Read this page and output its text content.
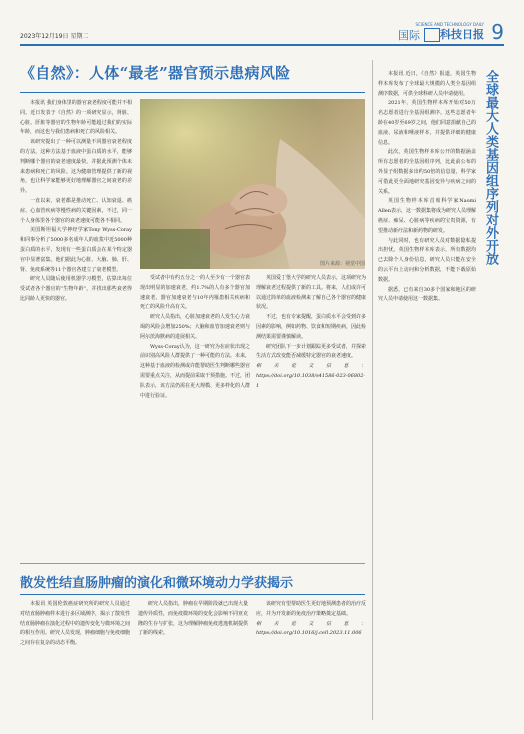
2023年12月19日 星期二	国际
SCIENCE AND TECHNOLOGY DAILY
科技日报 9
《自然》：人体“最老”器官预示患病风险

本报讯 我们身体里的器官衰老程度可能并不相同。近日发表于《自然》的一项研究显示，肾脏、心脏、肝脏等器官的生物年龄可能超过我们的实际年龄，而这也与我们患病和死亡的风险相关。

该研究提出了一种可以测量不同器官衰老程度的方法，这种方法基于血液中蛋白质的水平，能够判断哪个器官的衰老速度最快，并据此预测个体未来患病和死亡的风险。这为健康管理提供了新的视角，也让科学家能够更好地理解器官之间衰老的差异。

一直以来，衰老都是推动死亡、认知衰退、癌症、心血管疾病等慢性病的关键因素。不过，同一个人身体里各个器官的衰老速度可能各不相同。

美国斯坦福大学神经学家Tony Wyss-Coray和同事分析了5000多名成年人的血浆中近5000种蛋白质的水平，发现有一些蛋白质会在某个特定器官中显著富集。他们据此为心脏、大脑、肺、肝、肾、免疫系统等11个器官各建立了衰老模型。

研究人员随后使用机器学习模型，估算出每位受试者各个器官的“生物年龄”，并找出那些衰老得比同龄人更快的器官。

图片来源：视觉中国

受试者中有约五分之一的人至少有一个器官表现出明显的加速衰老，约1.7%的人有多个器官加速衰老。器官加速衰老与10年内罹患相关疾病和死亡的风险升高有关。

研究人员指出，心脏加速衰老的人发生心力衰竭的风险会增加250%；大脑和血管加速衰老则与阿尔茨海默病的进展相关。

Wyss-Coray认为，这一研究为在症状出现之前识别高风险人群提供了一种可能的方法。未来，这种基于血液的检测或许能帮助医生判断哪些器官需要重点关注，从而提前采取干预措施。不过，团队表示，该方法仍需在更大规模、更多样化的人群中进行验证。

英国爱丁堡大学的研究人员表示，这项研究为理解衰老过程提供了新的工具。将来，人们或许可以通过简单的血液检测来了解自己各个器官的健康状况。

不过，也有专家提醒，蛋白质水平会受到许多因素的影响，例如药物、饮食和短期疾病，因此检测结果需要谨慎解读。

研究团队下一步计划跟踪更多受试者，并探索生活方式改变能否减缓特定器官的衰老速度。

相关论文信息：https://doi.org/10.1038/s41586-023-06802-1

本报讯 近日，《自然》报道，英国生物样本库发布了全球最大规模的人类全基因组测序数据，可供全球科研人员申请使用。

2021年，英国生物样本库开始对50万名志愿者进行全基因组测序。这些志愿者年龄在40岁至69岁之间，他们同意捐献自己的血液、尿液和唾液样本，并提供详细的健康信息。

此次，英国生物样本库公开的数据涵盖所有志愿者的全基因组序列，比此前公布的外显子组数据多出约50倍的信息量，科学家可借此更全面地研究基因变异与疾病之间的关系。

英国生物样本库首席科学家Naomi Allen表示，这一数据集将成为研究人员理解癌症、痴呆、心脏病等疾病的宝贵资源，有望推动新疗法和新药物的研发。

与此同时，也有研究人员对数据隐私提出担忧。英国生物样本库表示，所有数据均已去除个人身份信息，研究人员只能在安全的云平台上访问和分析数据，不能下载原始数据。

据悉，已有来自30多个国家和地区的研究人员申请使用这一数据集。

全球最大人类基因组序列对外开放
散发性结直肠肿瘤的演化和微环境动力学获揭示

本报讯 英国伦敦癌症研究所的研究人员通过对结直肠肿瘤样本进行多区域测序，揭示了散发性结直肠肿瘤在演化过程中的遗传变化与微环境之间的相互作用。研究人员发现，肿瘤细胞与免疫细胞之间存在复杂的动态平衡。

研究人员指出，肿瘤在早期阶段就已出现大量遗传异质性，而免疫微环境的变化会影响不同亚克隆的生存与扩张，这为理解肿瘤免疫逃逸机制提供了新的线索。

该研究有望帮助医生更好地预测患者的治疗反应，并为开发新的免疫治疗策略奠定基础。

相关论文信息：https://doi.org/10.1016/j.cell.2023.11.006
